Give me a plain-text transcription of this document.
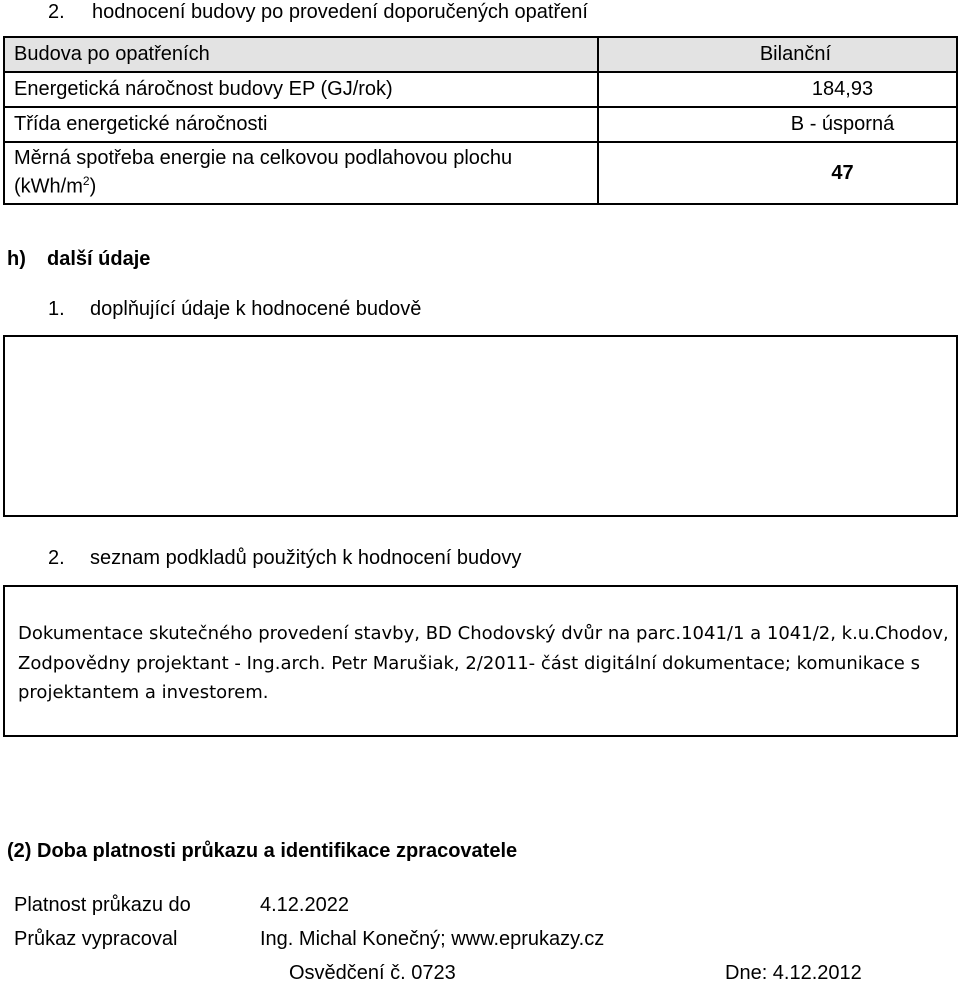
2. hodnocení budovy po provedení doporučených opatření
Budova po opatřeních	Bilanční
Energetická náročnost budovy EP (GJ/rok)	184,93
Třída energetické náročnosti	B - úsporná
Měrná spotřeba energie na celkovou podlahovou plochu
$(kWh/m^2)$	47
h) další údaje
1. doplňující údaje k hodnocené budově
2. seznam podkladů použitých k hodnocení budovy

Dokumentace skutečného provedení stavby, BD Chodovský dvůr na parc.1041/1 a 1041/2, k.u.Chodov, Zodpovědny projektant - Ing.arch. Petr Marušiak, 2/2011- část digitální dokumentace; komunikace s projektantem a investorem.

(2) Doba platnosti průkazu a identifikace zpracovatele
Platnost průkazu do	4.12.2022
Průkaz vypracoval	Ing. Michal Konečný; www.eprukazy.cz
Osvědčení č. 0723	Dne: 4.12.2012
